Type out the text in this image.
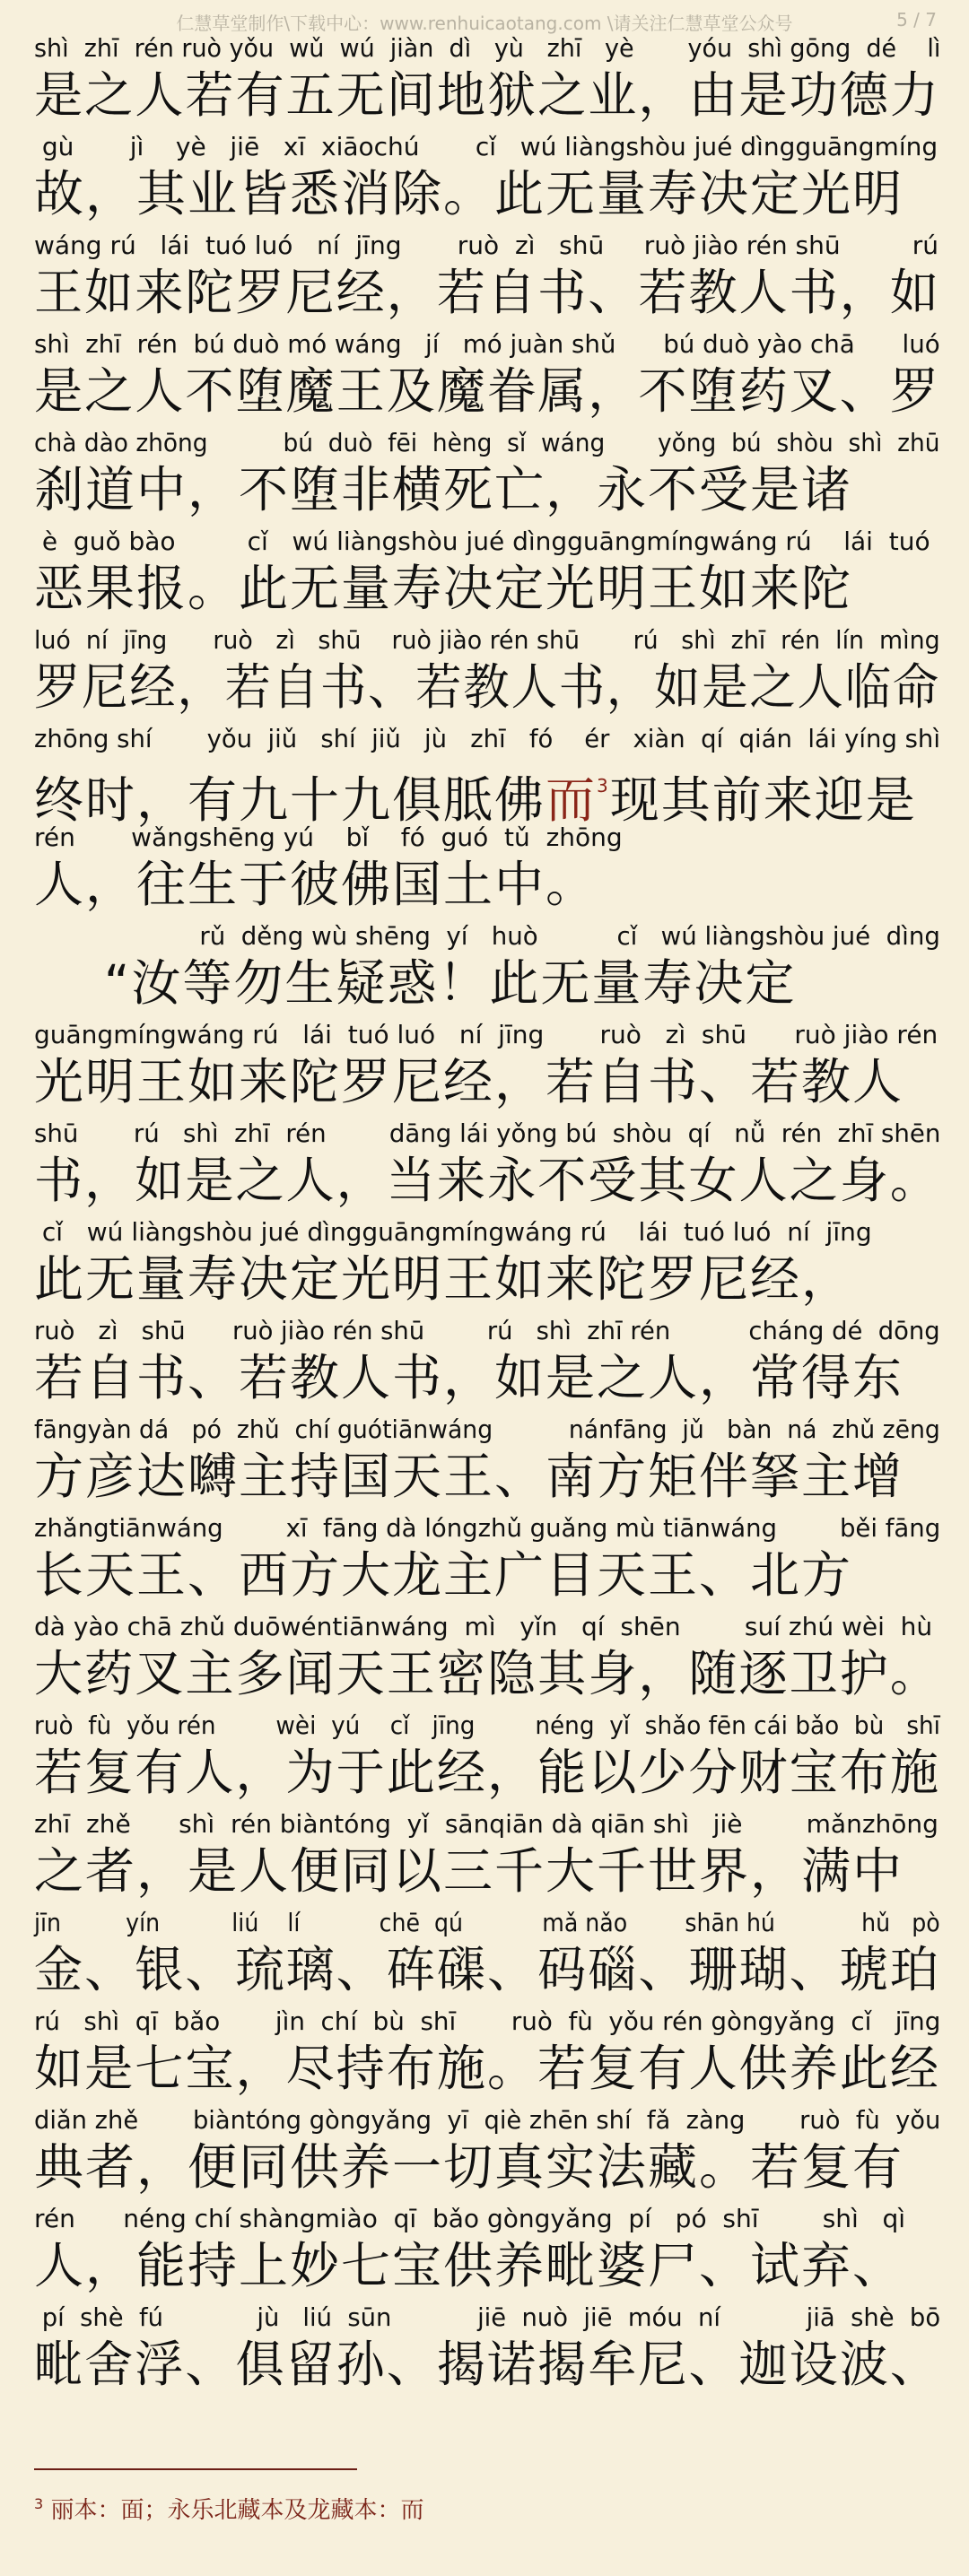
仁慧草堂制作\下载中心：www.renhuicaotang.com \请关注仁慧草堂公众号	5 / 7
shì  zhī  rén ruò yǒu  wǔ  wú  jiàn  dì   yù   zhī   yè       yóu  shì gōng  dé    lì
是之人若有五无间地狱之业，由是功德力
gù       jì    yè   jiē   xī  xiāochú       cǐ   wú liàngshòu jué dìngguāngmíng
故，其业皆悉消除。此无量寿决定光明
wáng rú   lái  tuó luó   ní  jīng       ruò  zì   shū     ruò jiào rén shū         rú
王如来陀罗尼经，若自书、若教人书，如
shì  zhī  rén  bú duò mó wáng   jí   mó juàn shǔ      bú duò yào chā      luó
是之人不堕魔王及魔眷属，不堕药叉、罗
chà dào zhōng          bú  duò  fēi  hèng  sǐ  wáng       yǒng  bú  shòu  shì  zhū
刹道中，不堕非横死亡，永不受是诸
è  guǒ bào         cǐ   wú liàngshòu jué dìngguāngmíngwáng rú    lái  tuó
恶果报。此无量寿决定光明王如来陀
luó  ní  jīng      ruò   zì   shū    ruò jiào rén shū       rú   shì  zhī  rén  lín  mìng
罗尼经，若自书、若教人书，如是之人临命
zhōng shí       yǒu  jiǔ   shí  jiǔ   jù   zhī   fó    ér   xiàn  qí  qián  lái yíng shì
终时，有九十九俱胝佛而$^3$现其前来迎是
rén       wǎngshēng yú    bǐ    fó  guó  tǔ  zhōng
人，往生于彼佛国土中。
rǔ  děng wù shēng  yí   huò          cǐ   wú liàngshòu jué  dìng
“汝等勿生疑惑！此无量寿决定
guāngmíngwáng rú   lái  tuó luó   ní  jīng       ruò   zì  shū      ruò jiào rén
光明王如来陀罗尼经，若自书、若教人
shū       rú   shì  zhī  rén        dāng lái yǒng bú  shòu  qí   nǚ  rén  zhī shēn
书，如是之人，当来永不受其女人之身。
cǐ   wú liàngshòu jué dìngguāngmíngwáng rú    lái  tuó luó  ní  jīng
此无量寿决定光明王如来陀罗尼经，
ruò   zì   shū      ruò jiào rén shū        rú   shì  zhī rén          cháng dé  dōng
若自书、若教人书，如是之人，常得东
fāngyàn dá   pó  zhǔ  chí guótiānwáng          nánfāng  jǔ   bàn  ná  zhǔ zēng
方彦达嚩主持国天王、南方矩伴拏主增
zhǎngtiānwáng        xī  fāng dà lóngzhǔ guǎng mù tiānwáng        běi fāng
长天王、西方大龙主广目天王、北方
dà yào chā zhǔ duōwéntiānwáng  mì   yǐn   qí  shēn        suí zhú wèi  hù
大药叉主多闻天王密隐其身，随逐卫护。
ruò  fù  yǒu rén        wèi  yú    cǐ   jīng        néng  yǐ  shǎo fēn cái bǎo  bù   shī
若复有人，为于此经，能以少分财宝布施
zhī  zhě      shì  rén biàntóng  yǐ  sānqiān dà qiān shì   jiè        mǎnzhōng
之者，是人便同以三千大千世界，满中
jīn         yín          liú    lí           chē  qú           mǎ nǎo        shān hú            hǔ   pò
金、银、琉璃、砗磲、码碯、珊瑚、琥珀
rú   shì  qī  bǎo       jìn  chí  bù  shī       ruò  fù  yǒu rén gòngyǎng  cǐ   jīng
如是七宝，尽持布施。若复有人供养此经
diǎn zhě       biàntóng gòngyǎng  yī  qiè zhēn shí  fǎ  zàng       ruò  fù  yǒu
典者，便同供养一切真实法藏。若复有
rén      néng chí shàngmiào  qī  bǎo gòngyǎng  pí   pó  shī        shì   qì
人，能持上妙七宝供养毗婆尸、试弃、
pí  shè  fú            jù   liú  sūn           jiē  nuò  jiē  móu  ní           jiā  shè  bō
毗舍浮、俱留孙、揭诺揭牟尼、迦设波、
$^3$ 丽本：面；永乐北藏本及龙藏本：而
